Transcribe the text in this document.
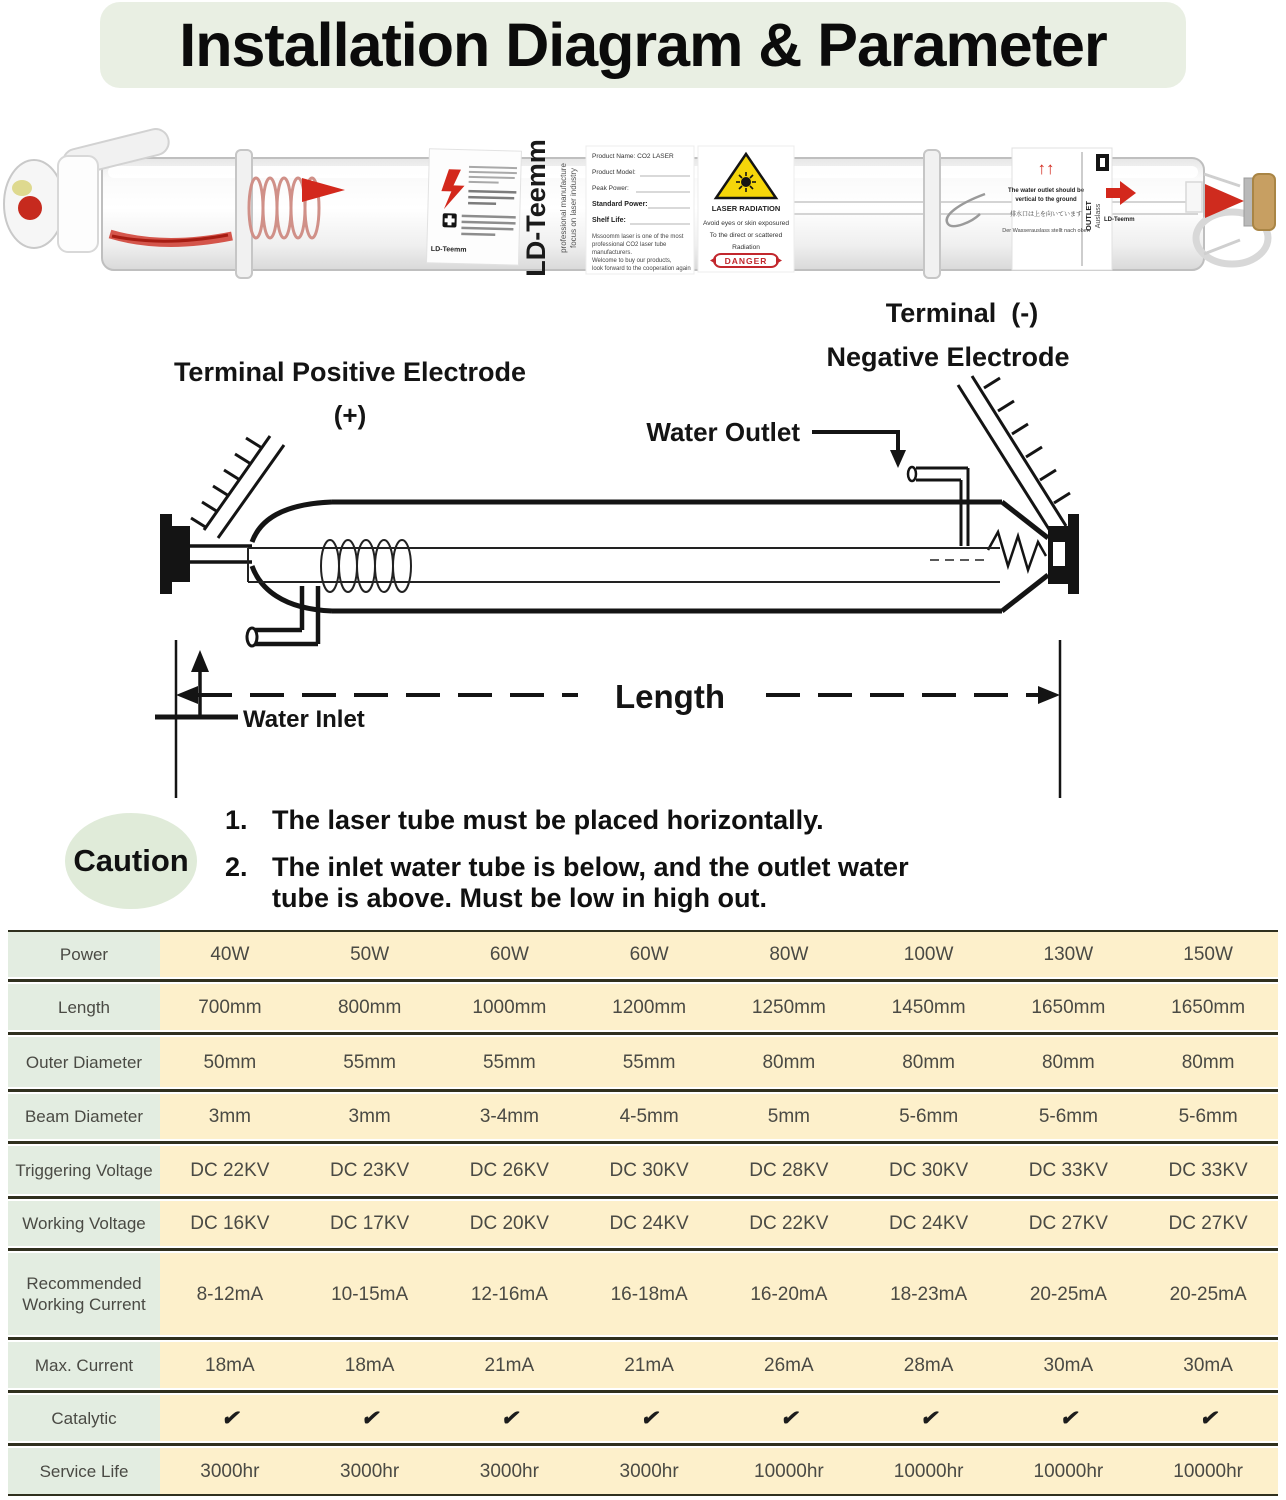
Installation Diagram & Parameter
LD-Teemm LD-Teemm professional manufacture focus on laser industry
Product Name: CO2 LASER
Product Model:
Peak Power:
Standard Power:
Shelf Life:
Mssoomm laser is one of the most
professional CO2 laser tube
manufacturers.
Welcome to buy our products,
look forward to the cooperation again
LASER RADIATION
Avoid eyes or skin exposured
To the direct or scattered
Radiation
DANGER
↑↑
The water outlet should be
vertical to the ground
排水口は上を向いています
Der Wasserauslass stellt nach oben
OUTLET Auslass LD-Teemm
Terminal  (-)
Negative Electrode
Terminal Positive Electrode
(+)
Water Outlet
Length
Water Inlet
Caution
1. The laser tube must be placed horizontally.
2. The inlet water tube is below, and the outlet water
tube is above. Must be low in high out.
Power	40W	50W	60W	60W	80W	100W	130W	150W
Length	700mm	800mm	1000mm	1200mm	1250mm	1450mm	1650mm	1650mm
Outer Diameter	50mm	55mm	55mm	55mm	80mm	80mm	80mm	80mm
Beam Diameter	3mm	3mm	3-4mm	4-5mm	5mm	5-6mm	5-6mm	5-6mm
Triggering Voltage	DC 22KV	DC 23KV	DC 26KV	DC 30KV	DC 28KV	DC 30KV	DC 33KV	DC 33KV
Working Voltage	DC 16KV	DC 17KV	DC 20KV	DC 24KV	DC 22KV	DC 24KV	DC 27KV	DC 27KV
Recommended Working Current	8-12mA	10-15mA	12-16mA	16-18mA	16-20mA	18-23mA	20-25mA	20-25mA
Max. Current	18mA	18mA	21mA	21mA	26mA	28mA	30mA	30mA
Catalytic	✔	✔	✔	✔	✔	✔	✔	✔
Service Life	3000hr	3000hr	3000hr	3000hr	10000hr	10000hr	10000hr	10000hr
